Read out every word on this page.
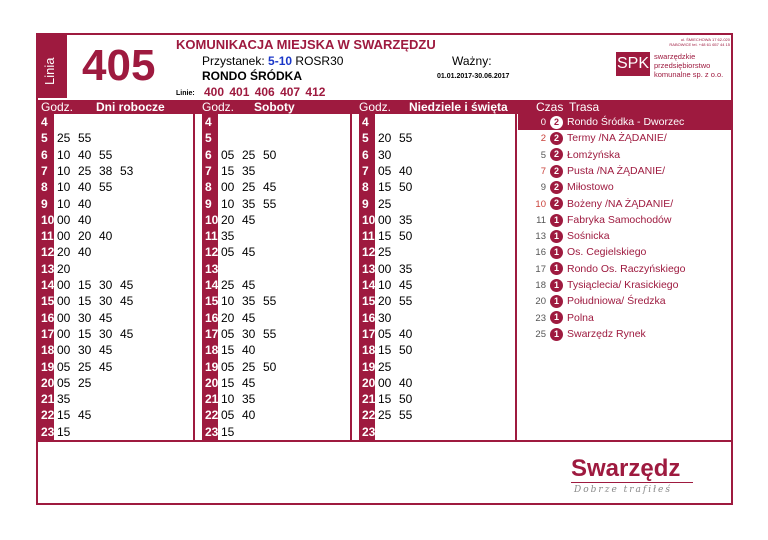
Linia 405 KOMUNIKACJA MIEJSKA W SWARZĘDZU
Przystanek: 5-10 ROSR30
RONDO ŚRÓDKA
Ważny:
01.01.2017-30.06.2017
Linie: 400 401 406 407 412
ul. ŚMIECHOWA 17 62-020 RABOWICE tel. +48 61 657 44 15
SPK swarzędzkie przedsiębiorstwo komunalne sp. z o.o.
Godz. Dni robocze	Godz. Soboty	Godz. Niedziele i święta Czas Trasa
4	4	4
5 25 55	5	5 20 55
6 10 40 55	6 05 25 50	6 30
7 10 25 38 53	7 15 35	7 05 40
8 10 40 55	8 00 25 45	8 15 50
9 10 40	9 10 35 55	9 25
10 00 40	10 20 45	10 00 35
11 00 20 40	11 35	11 15 50
12 20 40	12 05 45	12 25
13 20	13	13 00 35
14 00 15 30 45	14 25 45	14 10 45
15 00 15 30 45	15 10 35 55	15 20 55
16 00 30 45	16 20 45	16 30
17 00 15 30 45	17 05 30 55	17 05 40
18 00 30 45	18 15 40	18 15 50
19 05 25 45	19 05 25 50	19 25
20 05 25	20 15 45	20 00 40
21 35	21 10 35	21 15 50
22 15 45	22 05 40	22 25 55
23 15	23 15	23
0 2 Rondo Śródka - Dworzec
2 2 Termy /NA ŻĄDANIE/
5 2 Łomżyńska
7 2 Pusta /NA ŻĄDANIE/
9 2 Miłostowo
10 2 Bożeny /NA ŻĄDANIE/
11 1 Fabryka Samochodów
13 1 Sośnicka
16 1 Os. Cegielskiego
17 1 Rondo Os. Raczyńskiego
18 1 Tysiąclecia/ Krasickiego
20 1 Południowa/ Średzka
23 1 Polna
25 1 Swarzędz Rynek
Swarzędz
Dobrze trafiłeś
